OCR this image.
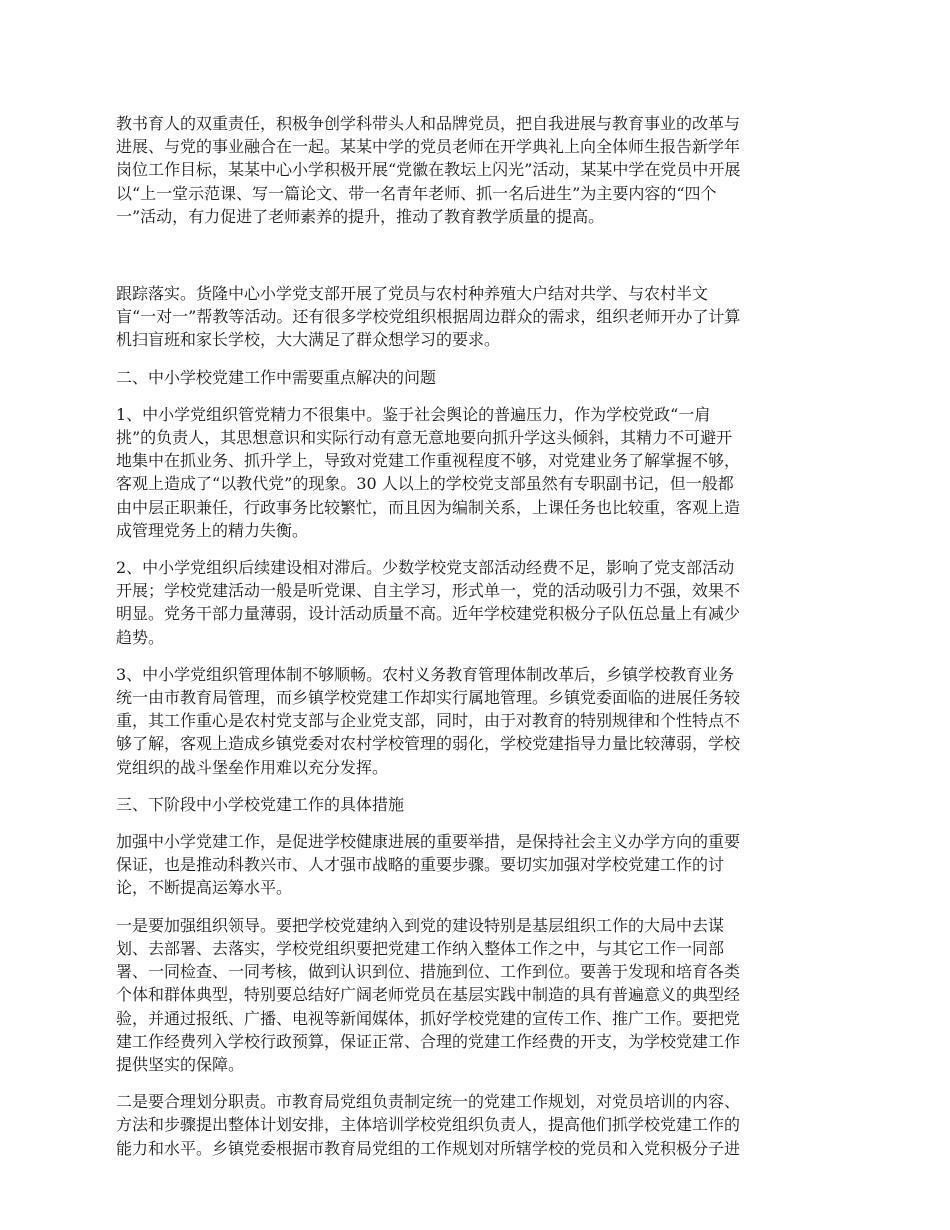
教书育人的双重责任，积极争创学科带头人和品牌党员，把自我进展与教育事业的改革与
进展、与党的事业融合在一起。某某中学的党员老师在开学典礼上向全体师生报告新学年
岗位工作目标，某某中心小学积极开展“党徽在教坛上闪光”活动，某某中学在党员中开展
以“上一堂示范课、写一篇论文、带一名青年老师、抓一名后进生”为主要内容的“四个
一”活动，有力促进了老师素养的提升，推动了教育教学质量的提高。
跟踪落实。货隆中心小学党支部开展了党员与农村种养殖大户结对共学、与农村半文
盲“一对一”帮教等活动。还有很多学校党组织根据周边群众的需求，组织老师开办了计算
机扫盲班和家长学校，大大满足了群众想学习的要求。
二、中小学校党建工作中需要重点解决的问题
1、中小学党组织管党精力不很集中。鉴于社会舆论的普遍压力，作为学校党政“一肩
挑”的负责人，其思想意识和实际行动有意无意地要向抓升学这头倾斜，其精力不可避开
地集中在抓业务、抓升学上，导致对党建工作重视程度不够，对党建业务了解掌握不够，
客观上造成了“以教代党”的现象。30 人以上的学校党支部虽然有专职副书记，但一般都
由中层正职兼任，行政事务比较繁忙，而且因为编制关系，上课任务也比较重，客观上造
成管理党务上的精力失衡。
2、中小学党组织后续建设相对滞后。少数学校党支部活动经费不足，影响了党支部活动
开展；学校党建活动一般是听党课、自主学习，形式单一，党的活动吸引力不强，效果不
明显。党务干部力量薄弱，设计活动质量不高。近年学校建党积极分子队伍总量上有减少
趋势。
3、中小学党组织管理体制不够顺畅。农村义务教育管理体制改革后，乡镇学校教育业务
统一由市教育局管理，而乡镇学校党建工作却实行属地管理。乡镇党委面临的进展任务较
重，其工作重心是农村党支部与企业党支部，同时，由于对教育的特别规律和个性特点不
够了解，客观上造成乡镇党委对农村学校管理的弱化，学校党建指导力量比较薄弱，学校
党组织的战斗堡垒作用难以充分发挥。
三、下阶段中小学校党建工作的具体措施
加强中小学党建工作，是促进学校健康进展的重要举措，是保持社会主义办学方向的重要
保证，也是推动科教兴市、人才强市战略的重要步骤。要切实加强对学校党建工作的讨
论，不断提高运筹水平。
一是要加强组织领导。要把学校党建纳入到党的建设特别是基层组织工作的大局中去谋
划、去部署、去落实，学校党组织要把党建工作纳入整体工作之中，与其它工作一同部
署、一同检查、一同考核，做到认识到位、措施到位、工作到位。要善于发现和培育各类
个体和群体典型，特别要总结好广阔老师党员在基层实践中制造的具有普遍意义的典型经
验，并通过报纸、广播、电视等新闻媒体，抓好学校党建的宣传工作、推广工作。要把党
建工作经费列入学校行政预算，保证正常、合理的党建工作经费的开支，为学校党建工作
提供坚实的保障。
二是要合理划分职责。市教育局党组负责制定统一的党建工作规划，对党员培训的内容、
方法和步骤提出整体计划安排，主体培训学校党组织负责人，提高他们抓学校党建工作的
能力和水平。乡镇党委根据市教育局党组的工作规划对所辖学校的党员和入党积极分子进
